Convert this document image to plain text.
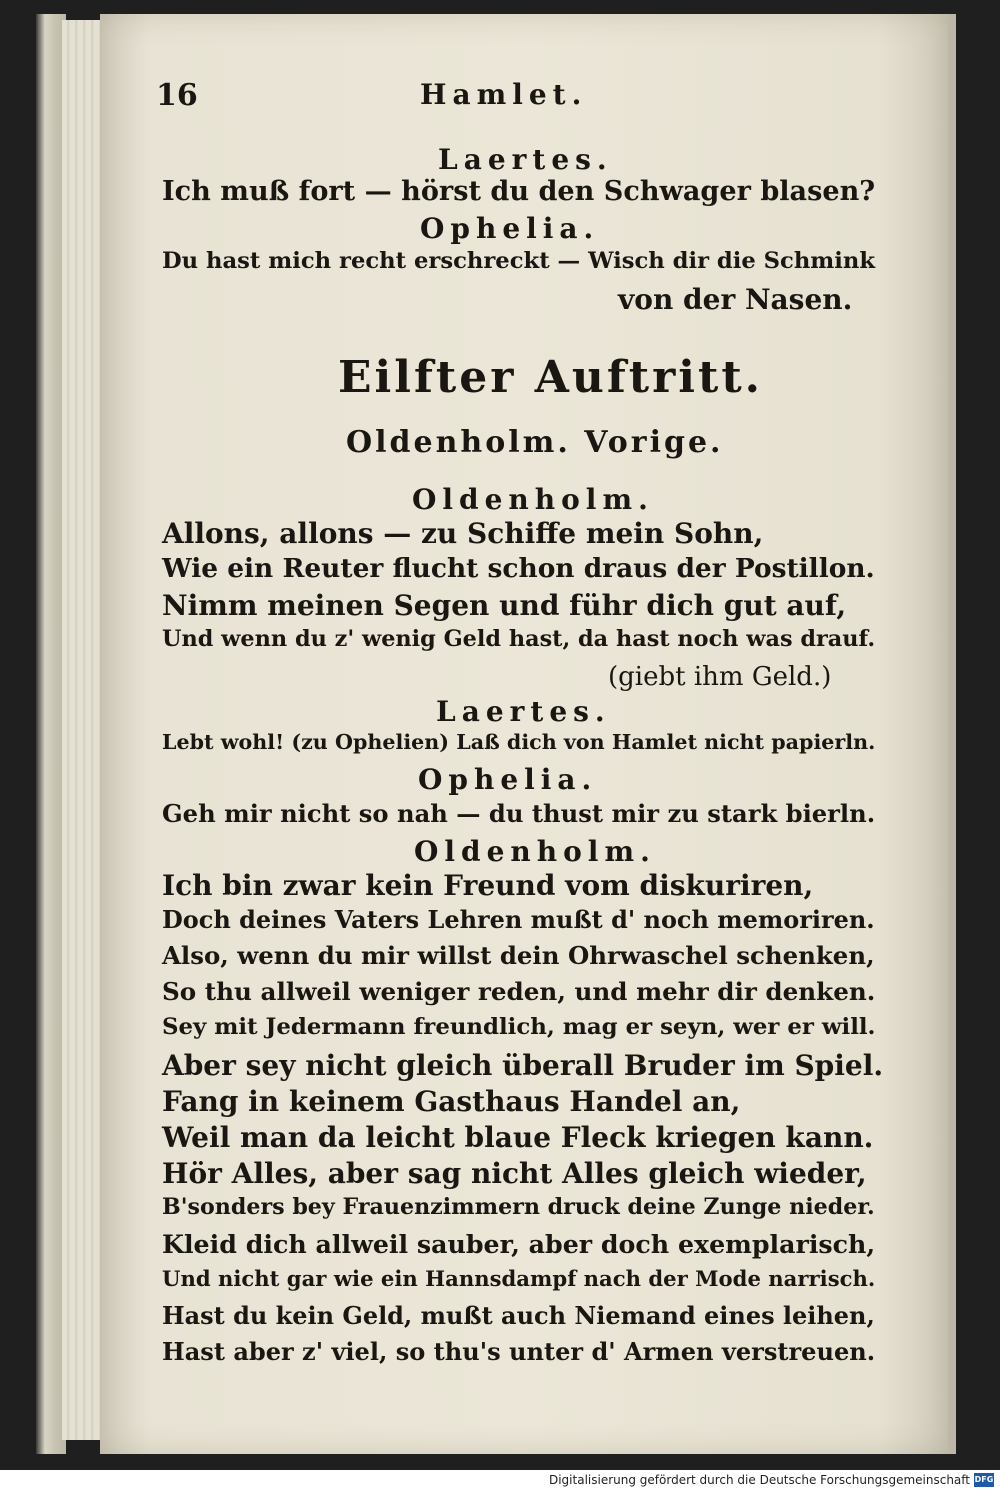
16	Hamlet.
Laertes.
Ich muß fort — hörst du den Schwager blasen?
Ophelia.
Du hast mich recht erschreckt — Wisch dir die Schmink
von der Nasen.
Eilfter Auftritt.
Oldenholm. Vorige.
Oldenholm.
Allons, allons — zu Schiffe mein Sohn,
Wie ein Reuter flucht schon draus der Postillon.
Nimm meinen Segen und führ dich gut auf,
Und wenn du z' wenig Geld hast, da hast noch was drauf.
(giebt ihm Geld.)
Laertes.
Lebt wohl! (zu Ophelien) Laß dich von Hamlet nicht papierln.
Ophelia.
Geh mir nicht so nah — du thust mir zu stark bierln.
Oldenholm.
Ich bin zwar kein Freund vom diskuriren,
Doch deines Vaters Lehren mußt d' noch memoriren.
Also, wenn du mir willst dein Ohrwaschel schenken,
So thu allweil weniger reden, und mehr dir denken.
Sey mit Jedermann freundlich, mag er seyn, wer er will.
Aber sey nicht gleich überall Bruder im Spiel.
Fang in keinem Gasthaus Handel an,
Weil man da leicht blaue Fleck kriegen kann.
Hör Alles, aber sag nicht Alles gleich wieder,
B'sonders bey Frauenzimmern druck deine Zunge nieder.
Kleid dich allweil sauber, aber doch exemplarisch,
Und nicht gar wie ein Hannsdampf nach der Mode narrisch.
Hast du kein Geld, mußt auch Niemand eines leihen,
Hast aber z' viel, so thu's unter d' Armen verstreuen.
Digitalisierung gefördert durch die Deutsche Forschungsgemeinschaft DFG
